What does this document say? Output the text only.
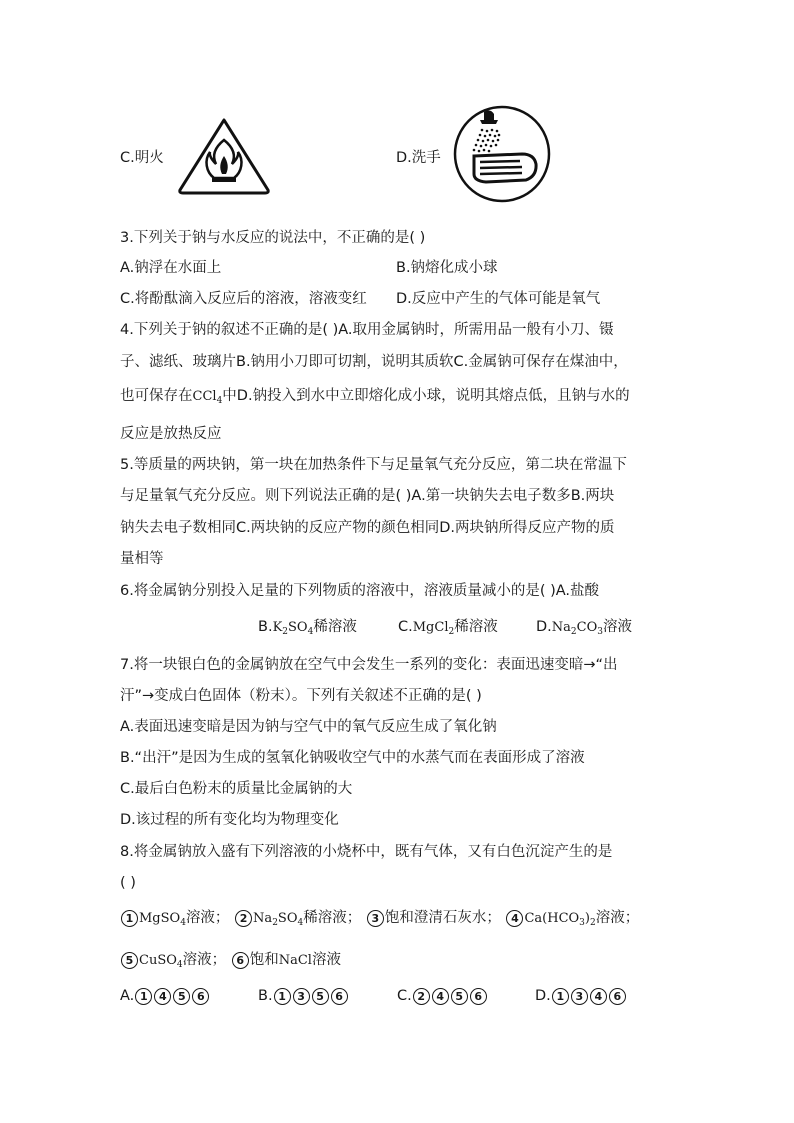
C.明火	D.洗手
3.下列关于钠与水反应的说法中，不正确的是( )
A.钠浮在水面上	B.钠熔化成小球
C.将酚酞滴入反应后的溶液，溶液变红 D.反应中产生的气体可能是氧气
4.下列关于钠的叙述不正确的是( )A.取用金属钠时，所需用品一般有小刀、镊
子、滤纸、玻璃片B.钠用小刀即可切割，说明其质软C.金属钠可保存在煤油中，
也可保存在CCl$_4$中D.钠投入到水中立即熔化成小球，说明其熔点低，且钠与水的
反应是放热反应
5.等质量的两块钠，第一块在加热条件下与足量氧气充分反应，第二块在常温下
与足量氧气充分反应。则下列说法正确的是( )A.第一块钠失去电子数多B.两块
钠失去电子数相同C.两块钠的反应产物的颜色相同D.两块钠所得反应产物的质
量相等
6.将金属钠分别投入足量的下列物质的溶液中，溶液质量减小的是( )A.盐酸
$B.K_2SO_4$稀溶液	C.MgCl$_2$稀溶液	$D.Na_2CO_3$溶液
7.将一块银白色的金属钠放在空气中会发生一系列的变化：表面迅速变暗→“出
汗”→变成白色固体（粉末）。下列有关叙述不正确的是( )
A.表面迅速变暗是因为钠与空气中的氧气反应生成了氧化钠
B.“出汗”是因为生成的氢氧化钠吸收空气中的水蒸气而在表面形成了溶液
C.最后白色粉末的质量比金属钠的大
D.该过程的所有变化均为物理变化
8.将金属钠放入盛有下列溶液的小烧杯中，既有气体，又有白色沉淀产生的是
( )
1 MgSO$_4$溶液； 2 $Na_2SO_4$稀溶液； 3 饱和澄清石灰水； 4 $Ca(HCO_3)_2$溶液；
5 CuSO$_4$溶液； 6 饱和NaCl溶液
A. 1 4 5 6	B. 1 3 5 6	C. 2 4 5 6	D. 1 3 4 6
